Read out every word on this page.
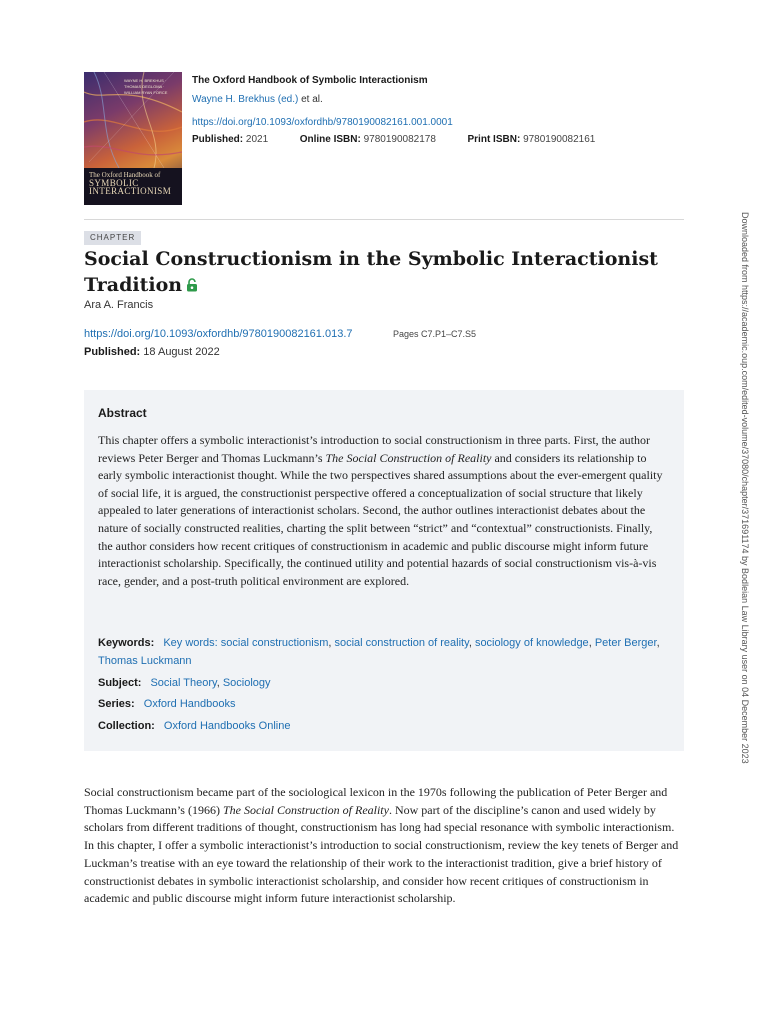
WAYNE H. BREKHUS · THOMAS DEGLOMA · WILLIAM RYAN FORCE
The Oxford Handbook of
SYMBOLIC
INTERACTIONISM
The Oxford Handbook of Symbolic Interactionism
Wayne H. Brekhus (ed.) et al.
https://doi.org/10.1093/oxfordhb/9780190082161.001.0001
Published: 2021	Online ISBN: 9780190082178	Print ISBN: 9780190082161
CHAPTER
Social Constructionism in the Symbolic Interactionist Tradition
Ara A. Francis
https://doi.org/10.1093/oxfordhb/9780190082161.013.7	Pages C7.P1–C7.S5
Published: 18 August 2022
Abstract

This chapter offers a symbolic interactionist’s introduction to social constructionism in three parts. First, the author reviews Peter Berger and Thomas Luckmann’s The Social Construction of Reality and considers its relationship to early symbolic interactionist thought. While the two perspectives shared assumptions about the ever-emergent quality of social life, it is argued, the constructionist perspective offered a conceptualization of social structure that likely appealed to later generations of interactionist scholars. Second, the author outlines interactionist debates about the nature of socially constructed realities, charting the split between “strict” and “contextual” constructionists. Finally, the author considers how recent critiques of constructionism in academic and public discourse might inform future interactionist scholarship. Specifically, the continued utility and potential hazards of social constructionism vis-à-vis race, gender, and a post-truth political environment are explored.

Keywords: Key words: social constructionism, social construction of reality, sociology of knowledge, Peter Berger, Thomas Luckmann
Subject: Social Theory, Sociology
Series: Oxford Handbooks
Collection: Oxford Handbooks Online

Social constructionism became part of the sociological lexicon in the 1970s following the publication of Peter Berger and Thomas Luckmann’s (1966) The Social Construction of Reality. Now part of the discipline’s canon and used widely by scholars from different traditions of thought, constructionism has long had special resonance with symbolic interactionism. In this chapter, I offer a symbolic interactionist’s introduction to social constructionism, review the key tenets of Berger and Luckman’s treatise with an eye toward the relationship of their work to the interactionist tradition, give a brief history of constructionist debates in symbolic interactionist scholarship, and consider how recent critiques of constructionism in academic and public discourse might inform future interactionist scholarship.

Downloaded from https://academic.oup.com/edited-volume/37080/chapter/371691174 by Bodleian Law Library user on 04 December 2023
